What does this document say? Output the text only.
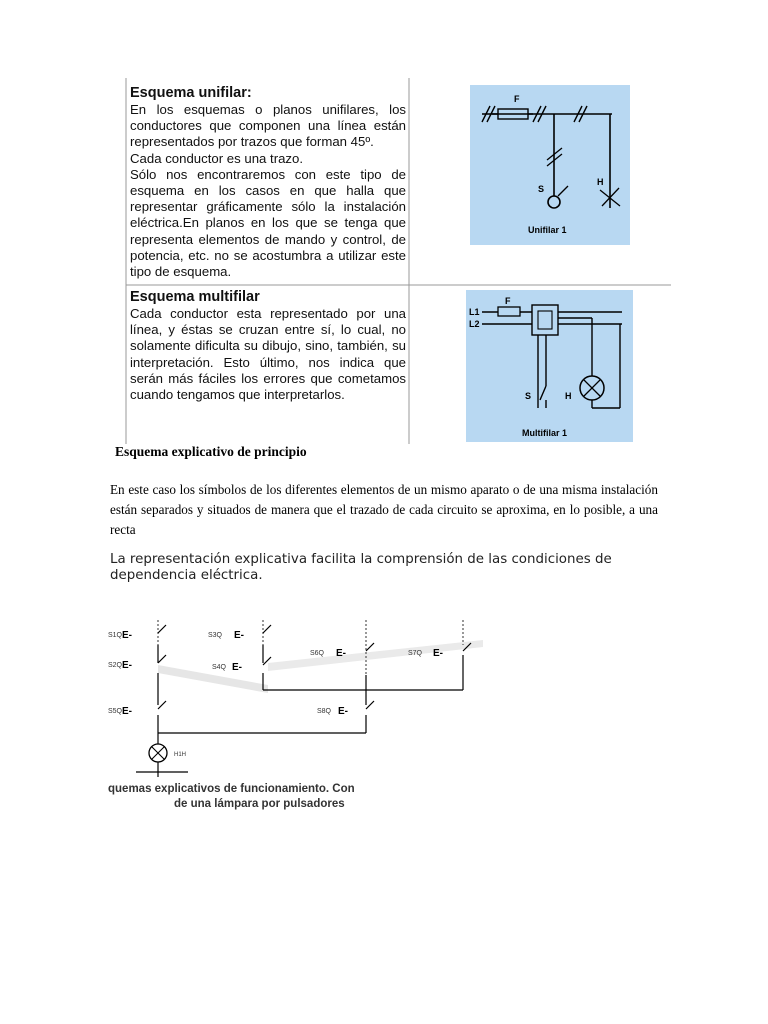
F
S
H
Unifilar 1
L1
L2
F
S	H
Multifilar 1
Esquema unifilar:
En los esquemas o planos unifilares, los conductores que componen una línea están representados por trazos que forman 45º.
Cada conductor es una trazo.
Sólo nos encontraremos con este tipo de esquema en los casos en que halla que representar gráficamente sólo la instalación eléctrica.En planos en los que se tenga que representa elementos de mando y control, de potencia, etc. no se acostumbra a utilizar este tipo de esquema.
Esquema multifilar
Cada conductor esta representado por una línea, y éstas se cruzan entre sí, lo cual, no solamente dificulta su dibujo, sino, también, su interpretación. Esto último, nos indica que serán más fáciles los errores que cometamos cuando tengamos que interpretarlos.
Esquema explicativo de principio
En este caso los símbolos de los diferentes elementos de un mismo aparato o de una misma instalación están separados y situados de manera que el trazado de cada circuito se aproxima, en lo posible, a una recta
La representación explicativa facilita la comprensión de las condiciones de dependencia eléctrica.
S1Q E-
S2Q E-
S3Q E-
S4Q E-
S5Q E-
S6Q E-	S7Q E-
S8Q E-
H1H
quemas explicativos de funcionamiento. Con
de una lámpara por pulsadores
